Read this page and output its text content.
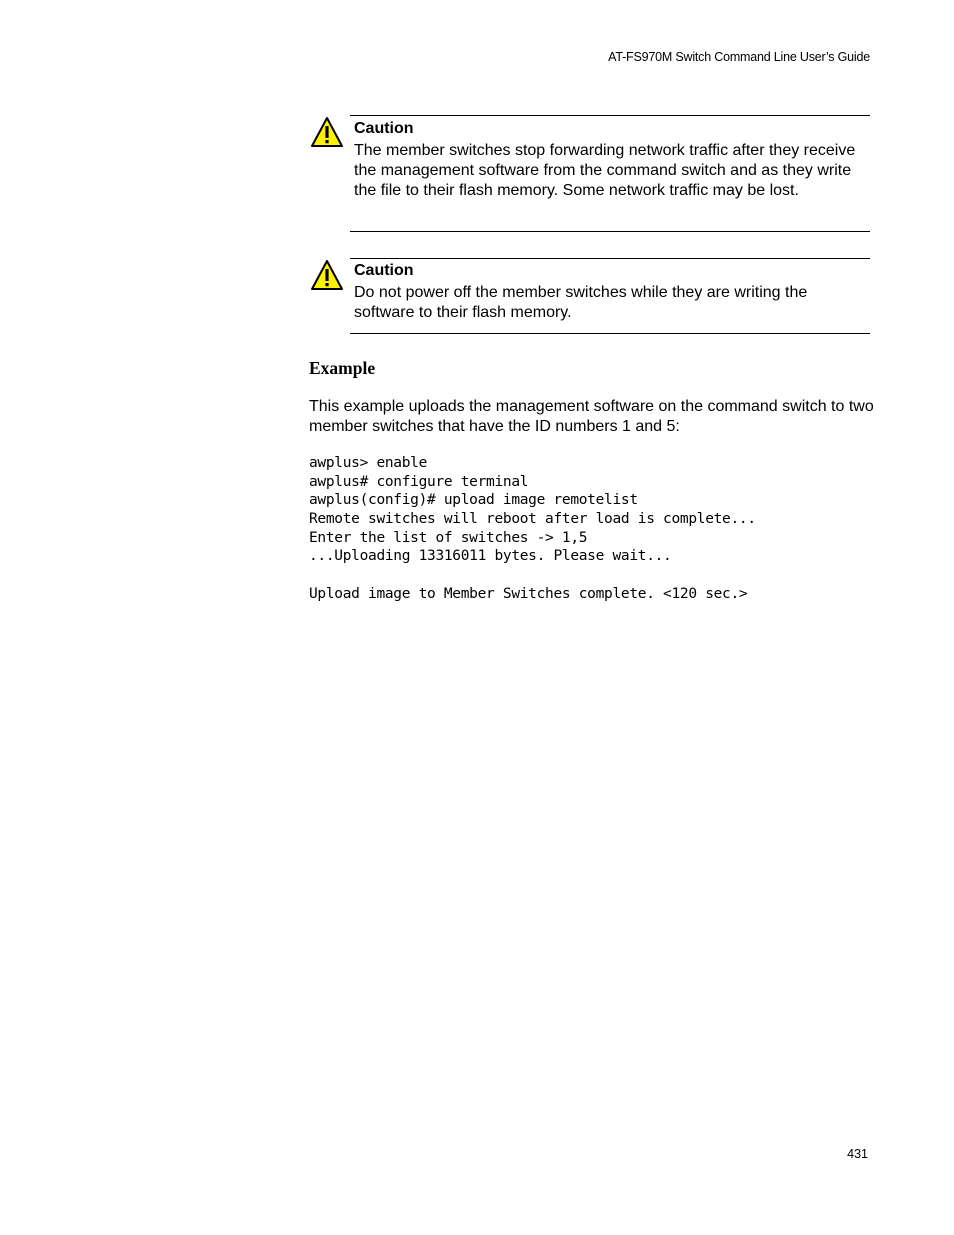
AT-FS970M Switch Command Line User’s Guide
Caution
The member switches stop forwarding network traffic after they receive the management software from the command switch and as they write the file to their flash memory. Some network traffic may be lost.
Caution
Do not power off the member switches while they are writing the software to their flash memory.
Example
This example uploads the management software on the command switch to two member switches that have the ID numbers 1 and 5:
awplus> enable
awplus# configure terminal
awplus(config)# upload image remotelist
Remote switches will reboot after load is complete...
Enter the list of switches -> 1,5
...Uploading 13316011 bytes. Please wait...
Upload image to Member Switches complete. <120 sec.>
431
